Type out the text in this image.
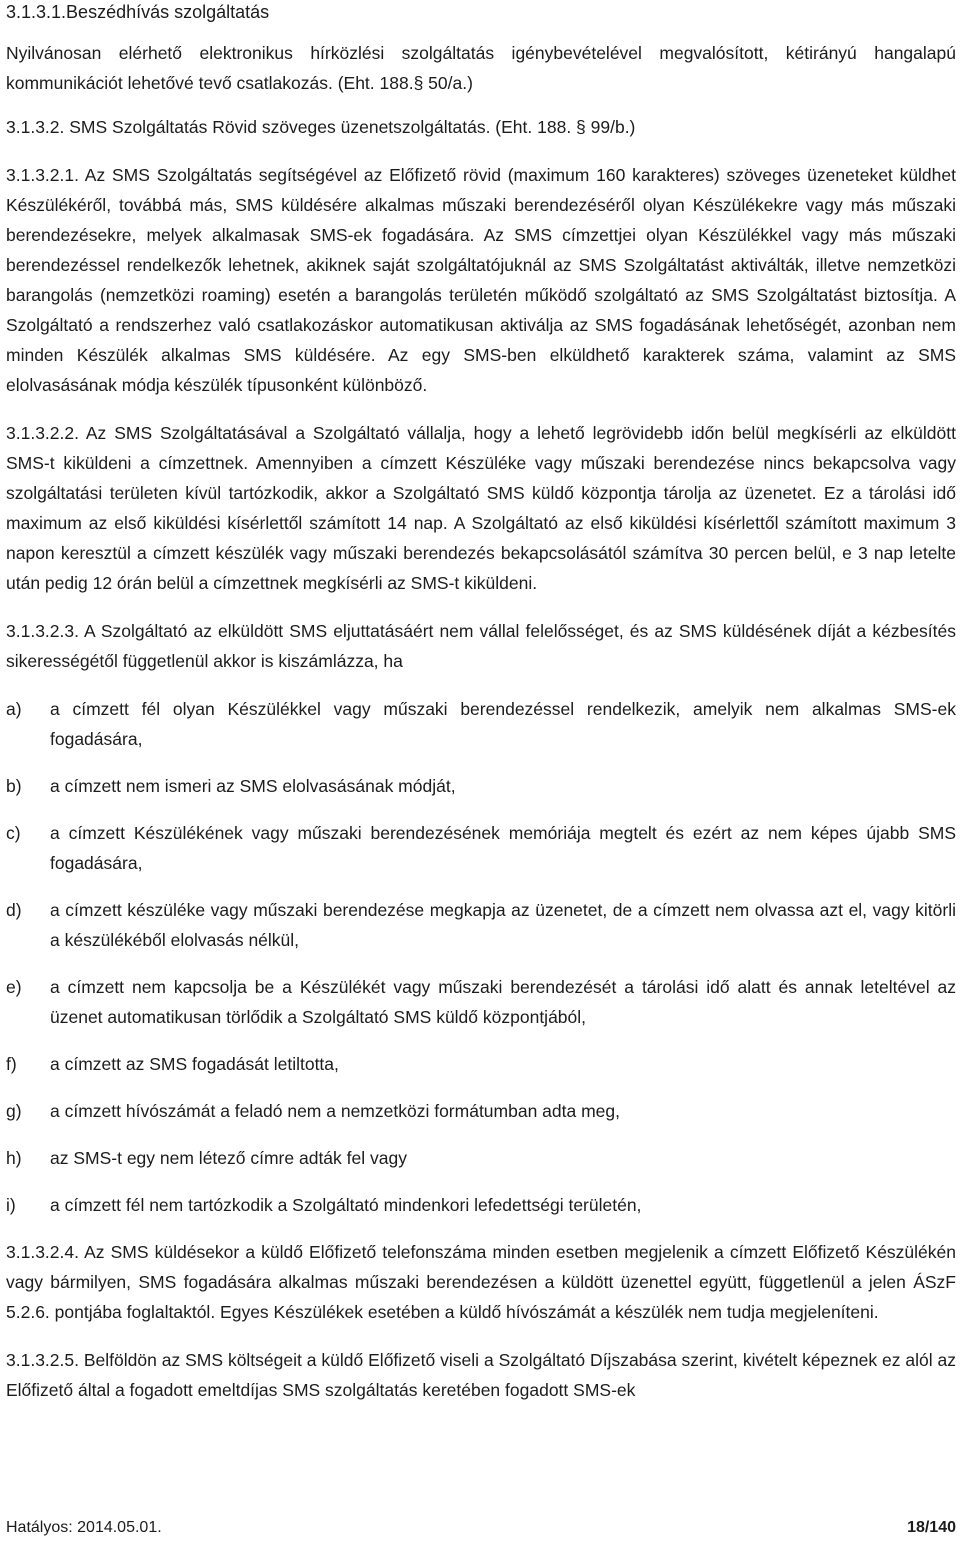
3.1.3.1.Beszédhívás szolgáltatás

Nyilvánosan elérhető elektronikus hírközlési szolgáltatás igénybevételével megvalósított, kétirányú hangalapú kommunikációt lehetővé tevő csatlakozás. (Eht. 188.§ 50/a.)

3.1.3.2. SMS Szolgáltatás Rövid szöveges üzenetszolgáltatás. (Eht. 188. § 99/b.)

3.1.3.2.1. Az SMS Szolgáltatás segítségével az Előfizető rövid (maximum 160 karakteres) szöveges üzeneteket küldhet Készülékéről, továbbá más, SMS küldésére alkalmas műszaki berendezéséről olyan Készülékekre vagy más műszaki berendezésekre, melyek alkalmasak SMS-ek fogadására. Az SMS címzettjei olyan Készülékkel vagy más műszaki berendezéssel rendelkezők lehetnek, akiknek saját szolgáltatójuknál az SMS Szolgáltatást aktiválták, illetve nemzetközi barangolás (nemzetközi roaming) esetén a barangolás területén működő szolgáltató az SMS Szolgáltatást biztosítja. A Szolgáltató a rendszerhez való csatlakozáskor automatikusan aktiválja az SMS fogadásának lehetőségét, azonban nem minden Készülék alkalmas SMS küldésére. Az egy SMS-ben elküldhető karakterek száma, valamint az SMS elolvasásának módja készülék típusonként különböző.

3.1.3.2.2. Az SMS Szolgáltatásával a Szolgáltató vállalja, hogy a lehető legrövidebb időn belül megkísérli az elküldött SMS-t kiküldeni a címzettnek. Amennyiben a címzett Készüléke vagy műszaki berendezése nincs bekapcsolva vagy szolgáltatási területen kívül tartózkodik, akkor a Szolgáltató SMS küldő központja tárolja az üzenetet. Ez a tárolási idő maximum az első kiküldési kísérlettől számított 14 nap. A Szolgáltató az első kiküldési kísérlettől számított maximum 3 napon keresztül a címzett készülék vagy műszaki berendezés bekapcsolásától számítva 30 percen belül, e 3 nap letelte után pedig 12 órán belül a címzettnek megkísérli az SMS-t kiküldeni.

3.1.3.2.3. A Szolgáltató az elküldött SMS eljuttatásáért nem vállal felelősséget, és az SMS küldésének díját a kézbesítés sikerességétől függetlenül akkor is kiszámlázza, ha

a)	a címzett fél olyan Készülékkel vagy műszaki berendezéssel rendelkezik, amelyik nem alkalmas SMS-ek fogadására,
b)	a címzett nem ismeri az SMS elolvasásának módját,
c)	a címzett Készülékének vagy műszaki berendezésének memóriája megtelt és ezért az nem képes újabb SMS fogadására,
d)	a címzett készüléke vagy műszaki berendezése megkapja az üzenetet, de a címzett nem olvassa azt el, vagy kitörli a készülékéből elolvasás nélkül,
e)	a címzett nem kapcsolja be a Készülékét vagy műszaki berendezését a tárolási idő alatt és annak leteltével az üzenet automatikusan törlődik a Szolgáltató SMS küldő központjából,
f)	a címzett az SMS fogadását letiltotta,
g)	a címzett hívószámát a feladó nem a nemzetközi formátumban adta meg,
h)	az SMS-t egy nem létező címre adták fel vagy
i)	a címzett fél nem tartózkodik a Szolgáltató mindenkori lefedettségi területén,

3.1.3.2.4. Az SMS küldésekor a küldő Előfizető telefonszáma minden esetben megjelenik a címzett Előfizető Készülékén vagy bármilyen, SMS fogadására alkalmas műszaki berendezésen a küldött üzenettel együtt, függetlenül a jelen ÁSzF 5.2.6. pontjába foglaltaktól. Egyes Készülékek esetében a küldő hívószámát a készülék nem tudja megjeleníteni.

3.1.3.2.5. Belföldön az SMS költségeit a küldő Előfizető viseli a Szolgáltató Díjszabása szerint, kivételt képeznek ez alól az Előfizető által a fogadott emeltdíjas SMS szolgáltatás keretében fogadott SMS-ek

Hatályos: 2014.05.01.	18/140
